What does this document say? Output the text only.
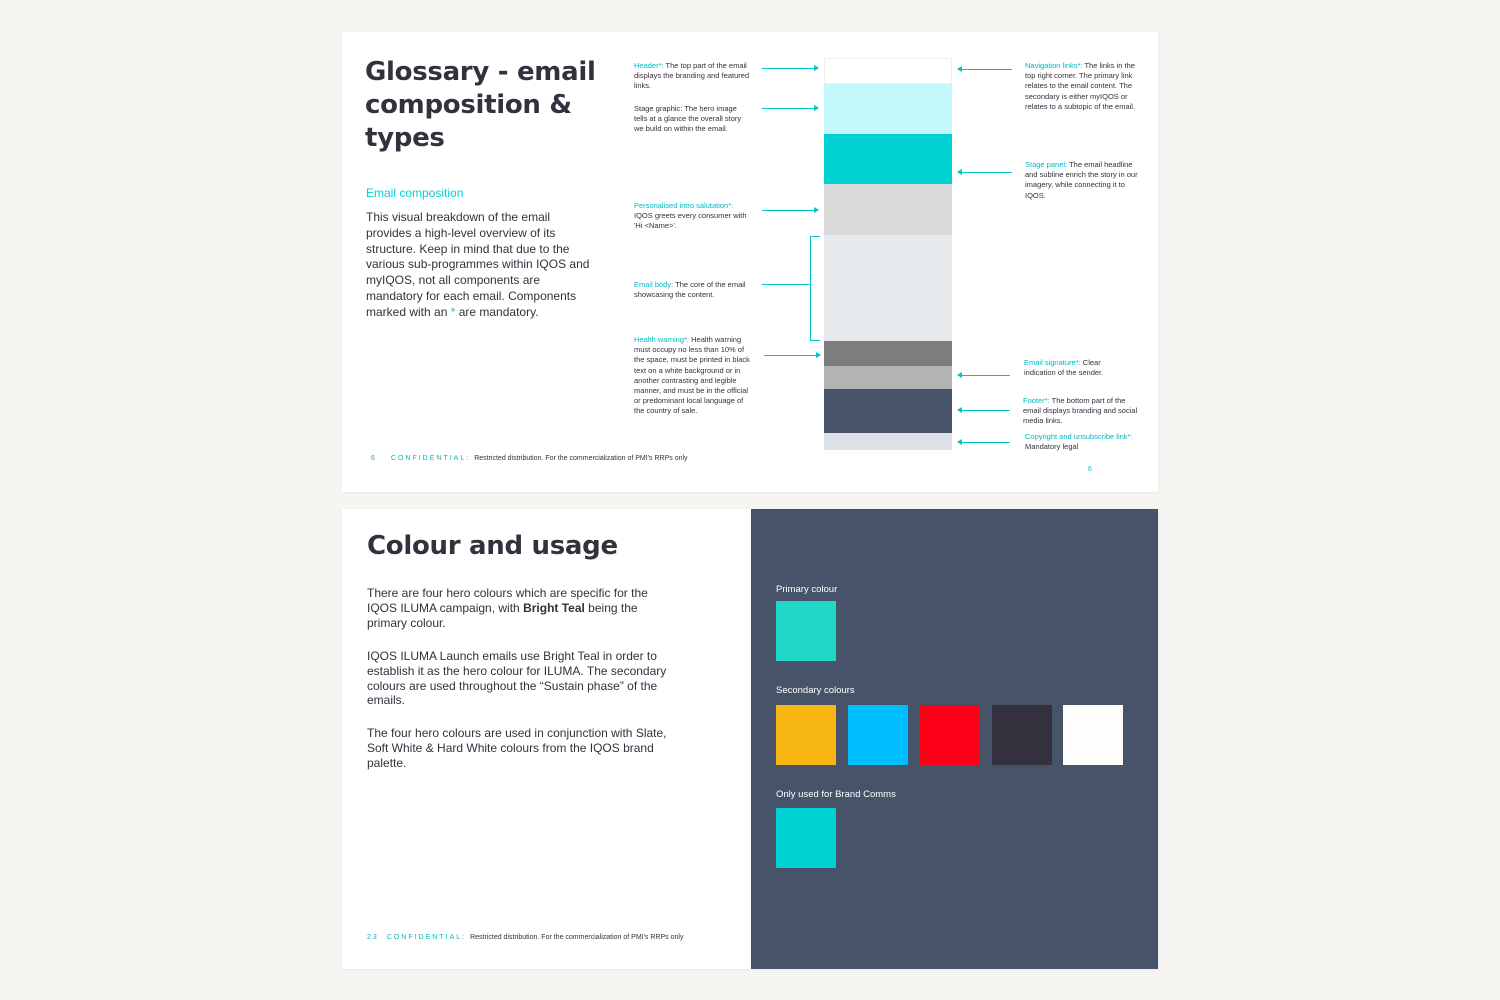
Glossary - email composition & types
Email composition
This visual breakdown of the email provides a high-level overview of its structure. Keep in mind that due to the various sub-programmes within IQOS and myIQOS, not all components are mandatory for each email. Components marked with an * are mandatory.
Header*: The top part of the email displays the branding and featured links.
Stage graphic: The hero image tells at a glance the overall story we build on within the email.
Personalised intro salutation*: IQOS greets every consumer with 'Hi <Name>'.
Email body: The core of the email showcasing the content.
Health warning*: Health warning must occupy no less than 10% of the space, must be printed in black text on a white background or in another contrasting and legible manner, and must be in the official or predominant local language of the country of sale.
Navigation links*: The links in the top right corner. The primary link relates to the email content. The secondary is either myIQOS or relates to a subtopic of the email.
Stage panel: The email headline and subline enrich the story in our imagery, while connecting it to IQOS.
Email signature*: Clear indication of the sender.
Footer*: The bottom part of the email displays branding and social media links.
Copyright and unsubscribe link*: Mandatory legal
6 CONFIDENTIAL: Restricted distribution. For the commercialization of PMI's RRPs only
6
Colour and usage
There are four hero colours which are specific for the IQOS ILUMA campaign, with Bright Teal being the primary colour.
IQOS ILUMA Launch emails use Bright Teal in order to establish it as the hero colour for ILUMA. The secondary colours are used throughout the “Sustain phase” of the emails.
The four hero colours are used in conjunction with Slate, Soft White & Hard White colours from the IQOS brand palette.
23 CONFIDENTIAL: Restricted distribution. For the commercialization of PMI's RRPs only
Primary colour
Secondary colours
Only used for Brand Comms
